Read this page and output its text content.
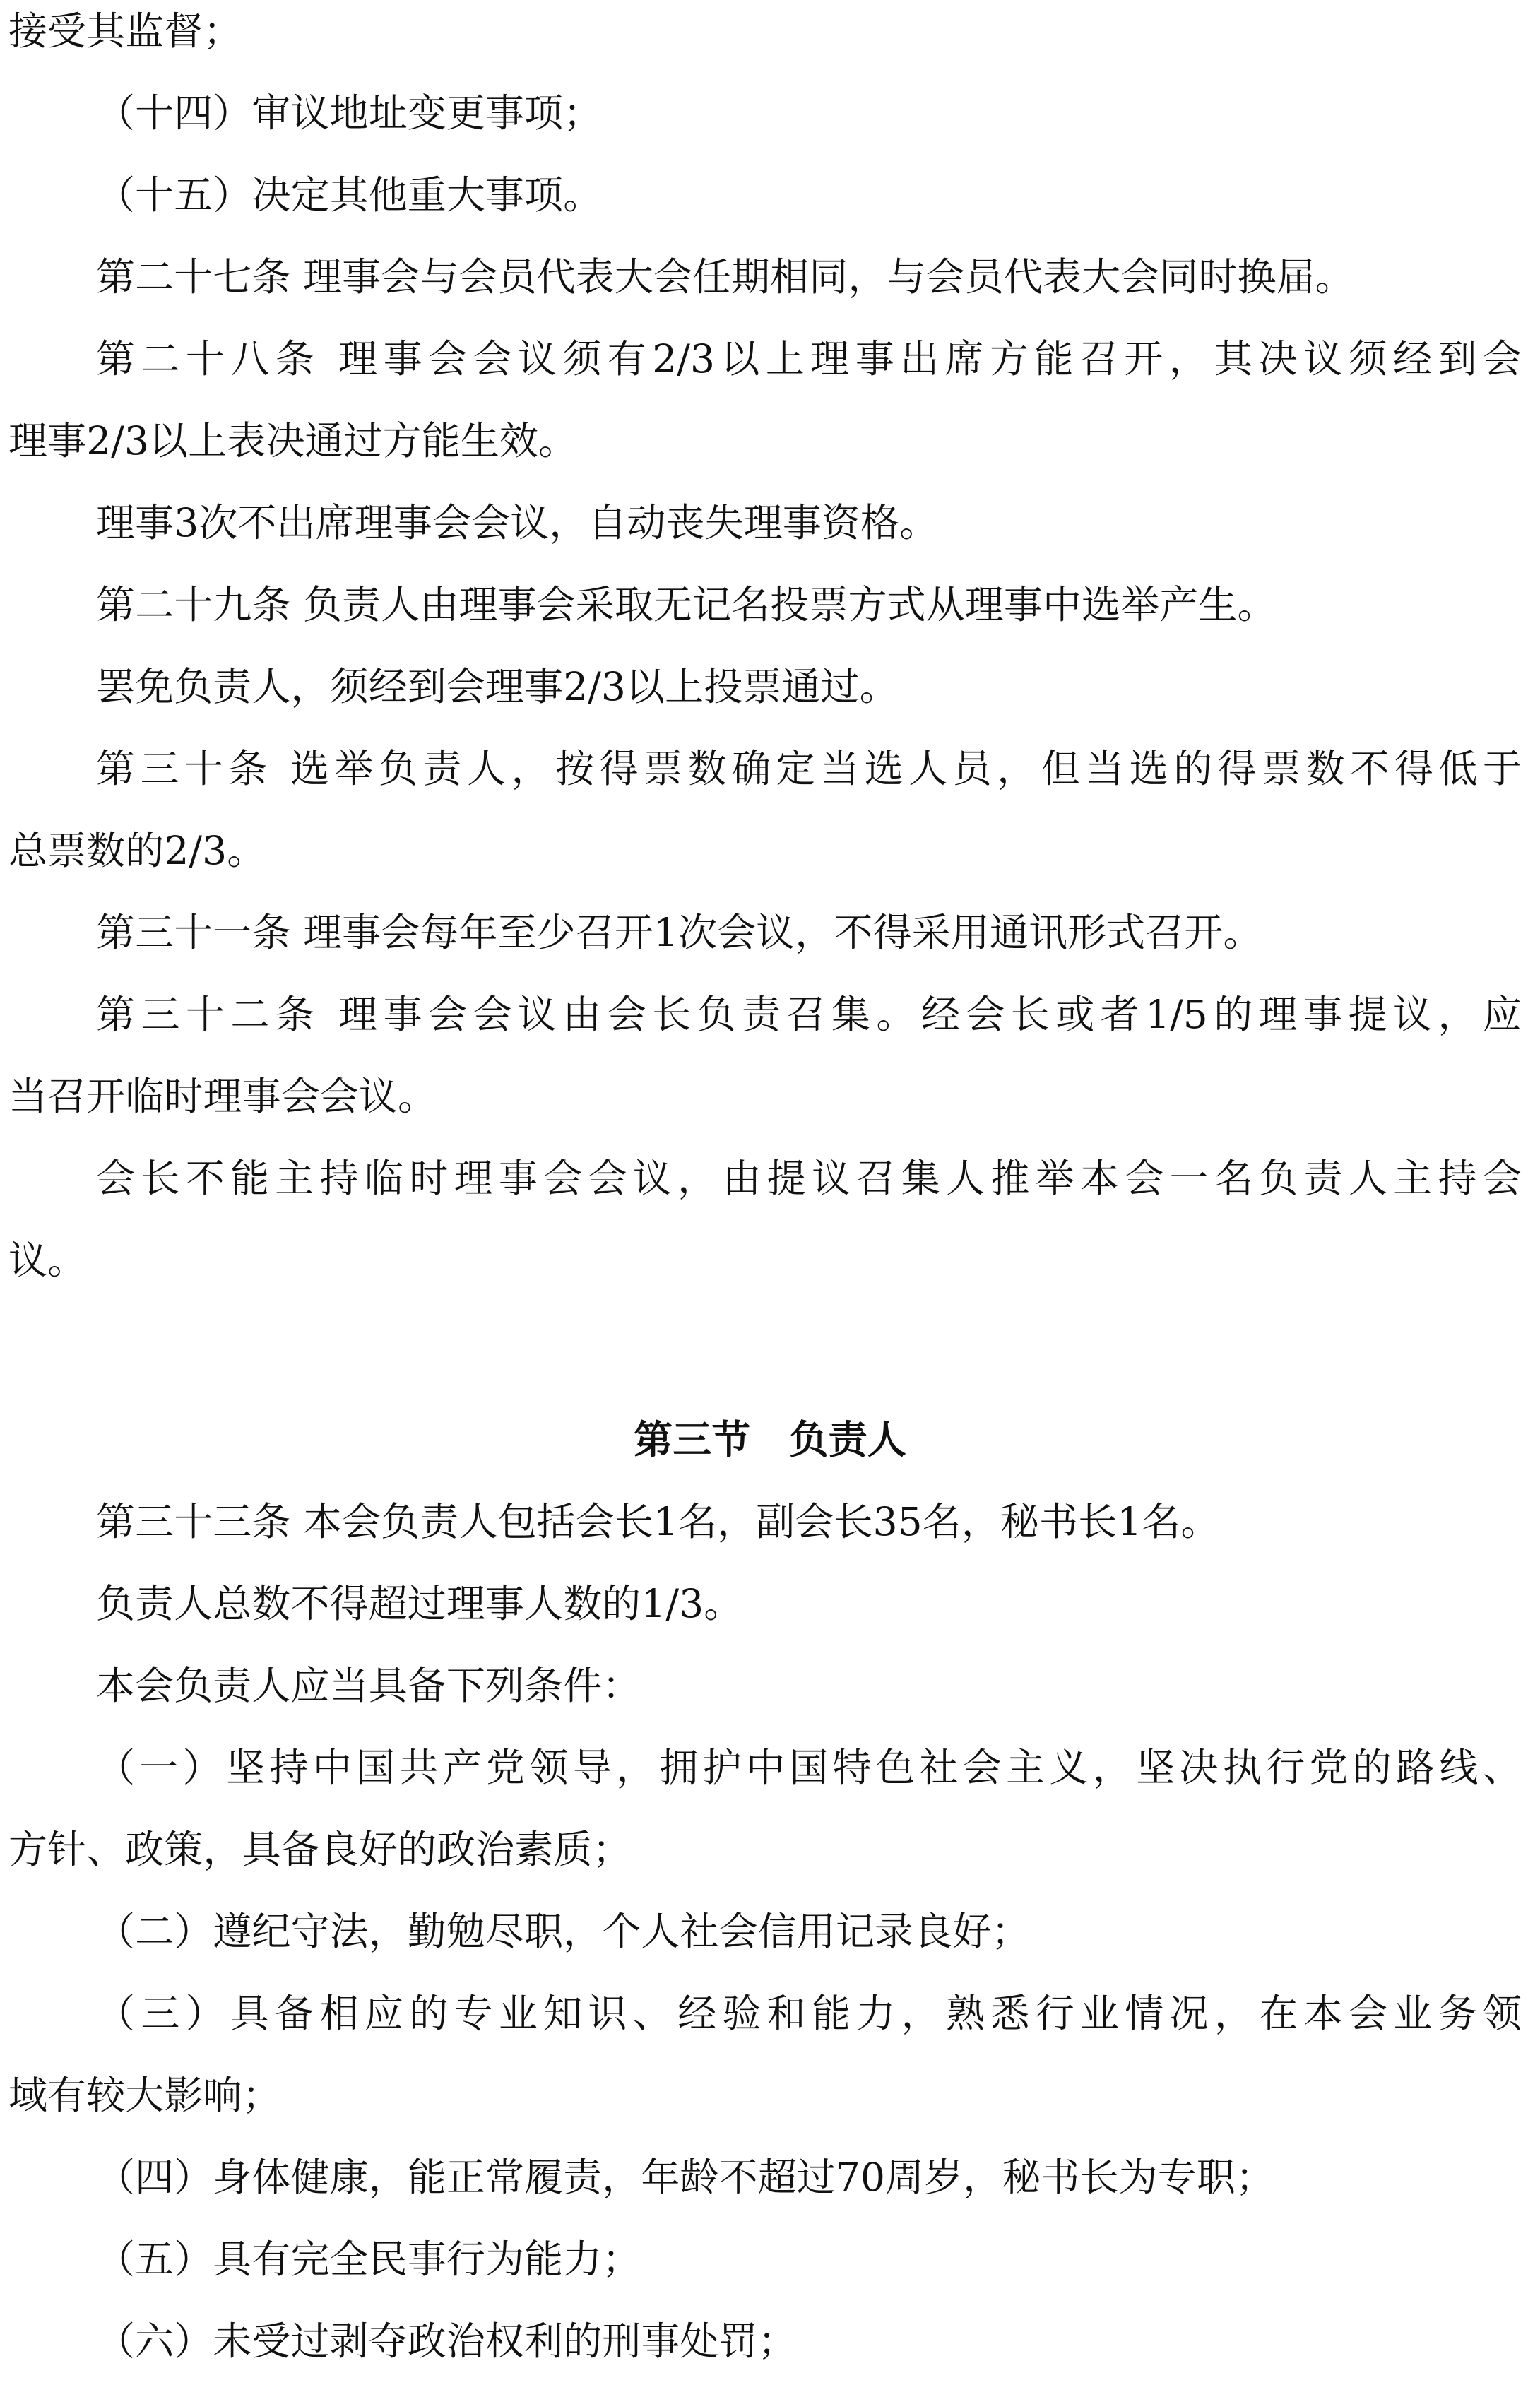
接受其监督；
（十四）审议地址变更事项；
（十五）决定其他重大事项。
第二十七条 理事会与会员代表大会任期相同，与会员代表大会同时换届。
第二十八条 理事会会议须有2/3以上理事出席方能召开，其决议须经到会
理事2/3以上表决通过方能生效。
理事3次不出席理事会会议，自动丧失理事资格。
第二十九条 负责人由理事会采取无记名投票方式从理事中选举产生。
罢免负责人，须经到会理事2/3以上投票通过。
第三十条 选举负责人，按得票数确定当选人员，但当选的得票数不得低于
总票数的2/3。
第三十一条 理事会每年至少召开1次会议，不得采用通讯形式召开。
第三十二条 理事会会议由会长负责召集。经会长或者1/5的理事提议，应
当召开临时理事会会议。
会长不能主持临时理事会会议，由提议召集人推举本会一名负责人主持会
议。
第三节　负责人
第三十三条 本会负责人包括会长1名，副会长35名，秘书长1名。
负责人总数不得超过理事人数的1/3。
本会负责人应当具备下列条件：
（一）坚持中国共产党领导，拥护中国特色社会主义，坚决执行党的路线、
方针、政策，具备良好的政治素质；
（二）遵纪守法，勤勉尽职，个人社会信用记录良好；
（三）具备相应的专业知识、经验和能力，熟悉行业情况，在本会业务领
域有较大影响；
（四）身体健康，能正常履责，年龄不超过70周岁，秘书长为专职；
（五）具有完全民事行为能力；
（六）未受过剥夺政治权利的刑事处罚；
